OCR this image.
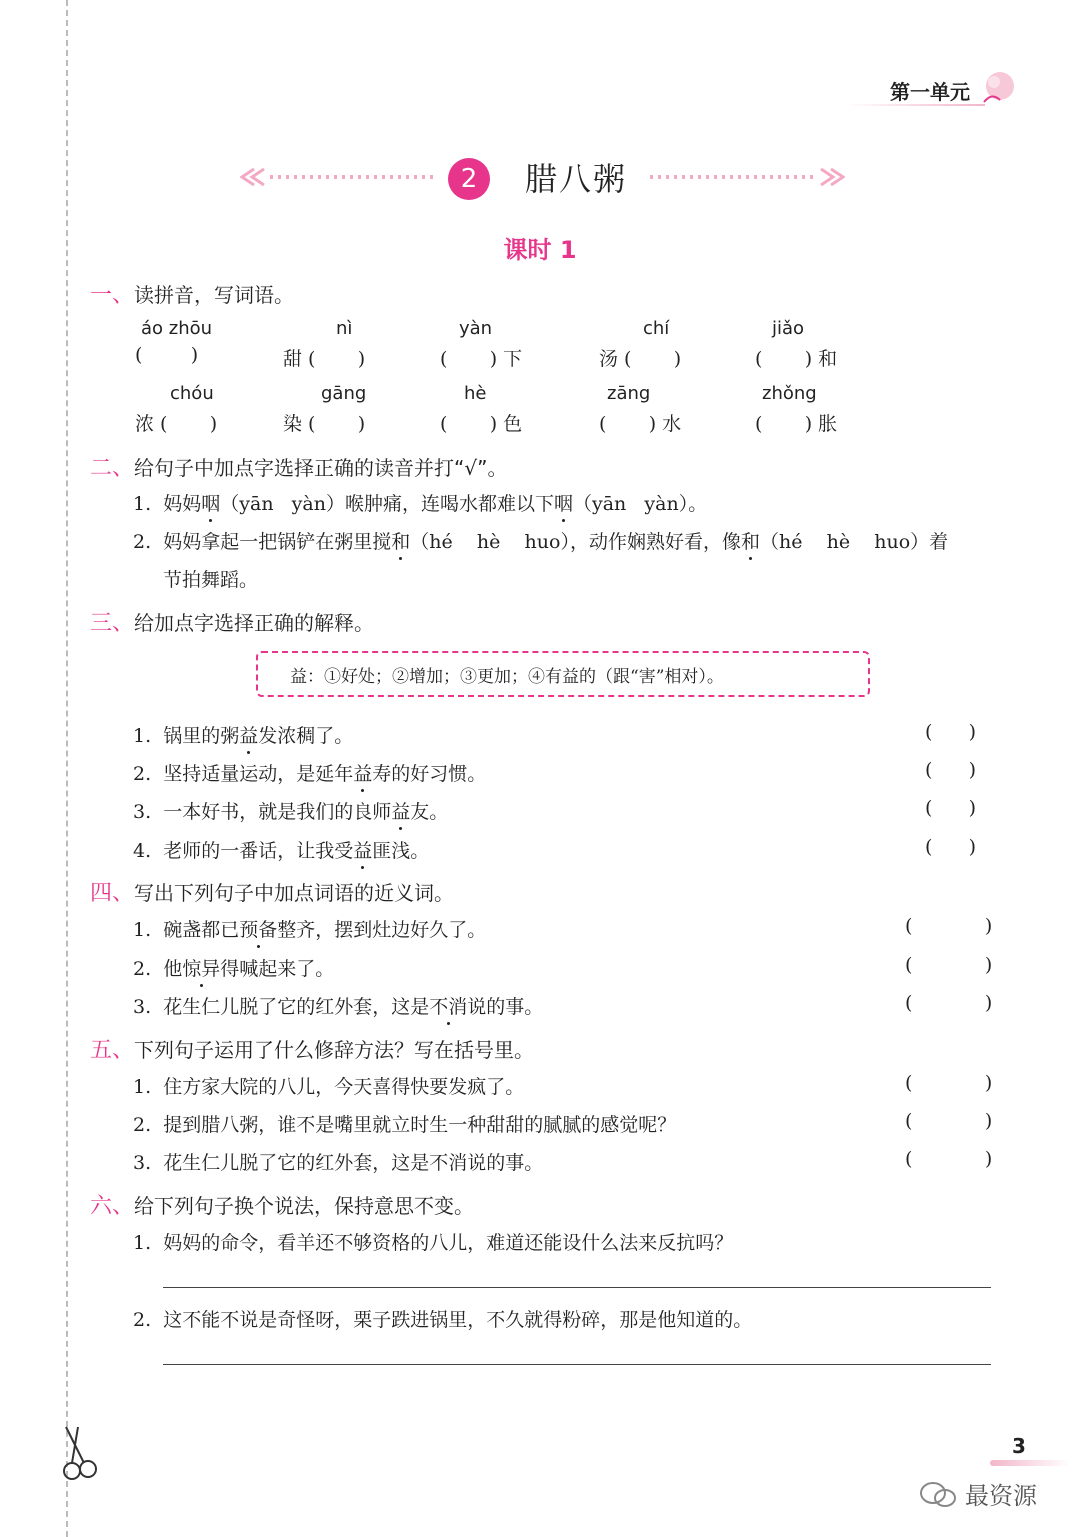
第一单元
2	腊八粥
课时 1
一、读拼音，写词语。
áo zhōu	nì	yàn	chí	jiǎo
(        )	甜 (       )	(       ) 下	汤 (       )	(       ) 和
chóu	gāng	hè	zāng	zhǒng
浓 (       )	染 (       )	(       ) 色	(       ) 水	(       ) 胀
二、给句子中加点字选择正确的读音并打“√”。
1. 妈妈咽（yān   yàn）喉肿痛，连喝水都难以下咽（yān   yàn）。
2. 妈妈拿起一把锅铲在粥里搅和（hé    hè    huo），动作娴熟好看，像和（hé    hè    huo）着
节拍舞蹈。
三、给加点字选择正确的解释。
益：①好处；②增加；③更加；④有益的（跟“害”相对）。
1. 锅里的粥益发浓稠了。	(      )
2. 坚持适量运动，是延年益寿的好习惯。	(      )
3. 一本好书，就是我们的良师益友。	(      )
4. 老师的一番话，让我受益匪浅。	(      )
四、写出下列句子中加点词语的近义词。
1. 碗盏都已预备整齐，摆到灶边好久了。	(            )
2. 他惊异得喊起来了。	(            )
3. 花生仁儿脱了它的红外套，这是不消说的事。	(            )
五、下列句子运用了什么修辞方法？写在括号里。
1.  住方家大院的八儿，今天喜得快要发疯了。	(            )
2.  提到腊八粥，谁不是嘴里就立时生一种甜甜的腻腻的感觉呢？	(            )
3.  花生仁儿脱了它的红外套，这是不消说的事。	(            )
六、给下列句子换个说法，保持意思不变。
1.  妈妈的命令，看羊还不够资格的八儿，难道还能设什么法来反抗吗？
2.  这不能不说是奇怪呀，栗子跌进锅里，不久就得粉碎，那是他知道的。
3
最资源
